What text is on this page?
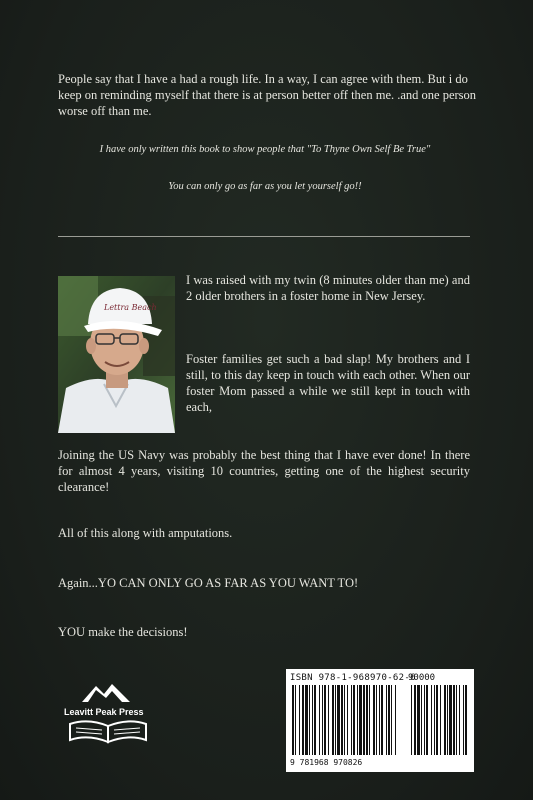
People say that I have a had a rough life. In a way, I can agree with them. But i do keep on reminding myself that there is at person better off then me. .and one person worse off than me.

I have only written this book to show people that "To Thyne Own Self Be True"

You can only go as far as you let yourself go!!

Lettra Beach

I was raised with my twin (8 minutes older than me) and 2 older brothers in a foster home in New Jersey.

Foster families get such a bad slap! My brothers and I still, to this day keep in touch with each other. When our foster Mom passed a while we still kept in touch with each,

Joining the US Navy was probably the best thing that I have ever done! In there for almost 4 years, visiting 10 countries, getting one of the highest security clearance!

All of this along with amputations.

Again...YO CAN ONLY GO AS FAR AS YOU WANT TO!

YOU make the decisions!

Leavitt Peak Press
ISBN 978-1-968970-62-6
90000
9 781968 970826
